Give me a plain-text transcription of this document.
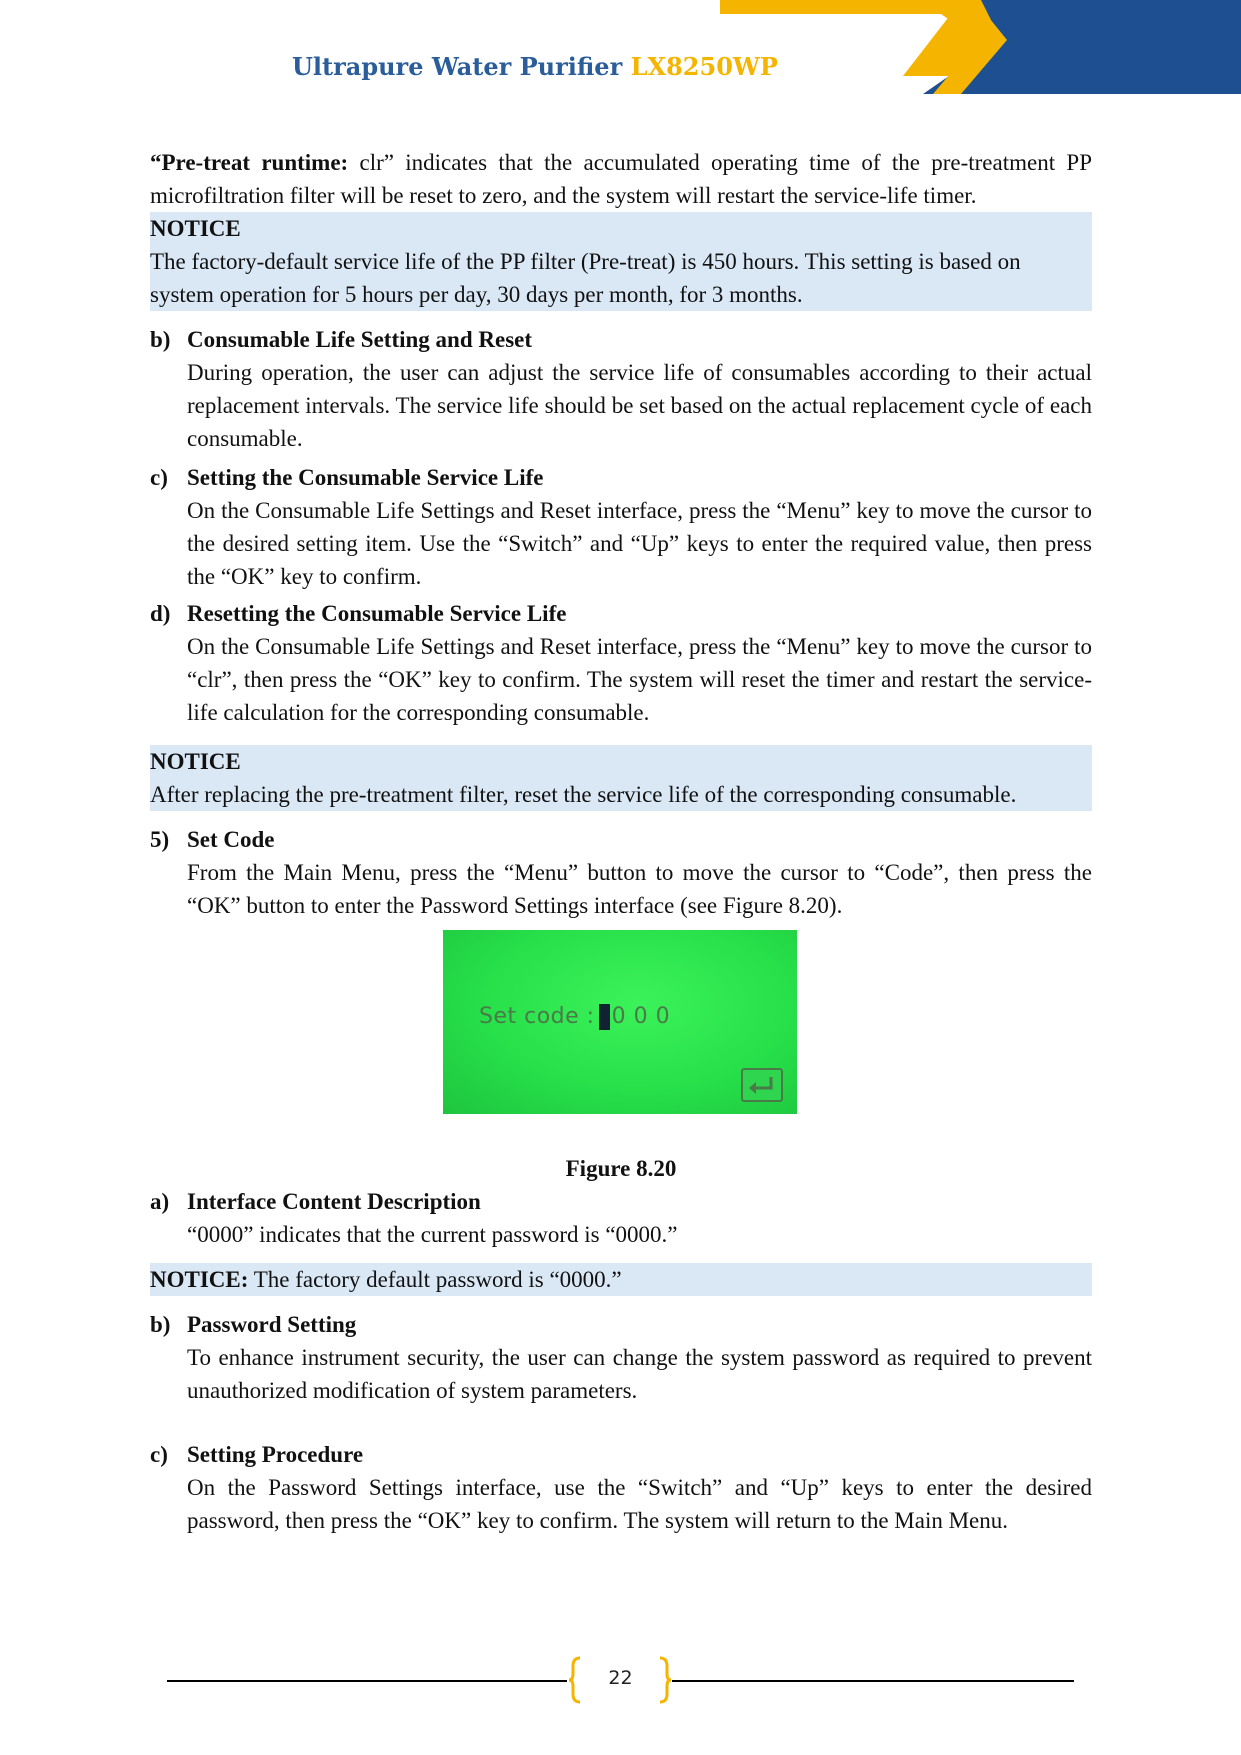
Ultrapure Water Purifier LX8250WP

“Pre-treat runtime: clr” indicates that the accumulated operating time of the pre-treatment PP microfiltration filter will be reset to zero, and the system will restart the service-life timer.

NOTICE
The factory-default service life of the PP filter (Pre-treat) is 450 hours. This setting is based on
system operation for 5 hours per day, 30 days per month, for 3 months.
b) Consumable Life Setting and Reset
During operation, the user can adjust the service life of consumables according to their actual replacement intervals. The service life should be set based on the actual replacement cycle of each consumable.
c) Setting the Consumable Service Life
On the Consumable Life Settings and Reset interface, press the “Menu” key to move the cursor to the desired setting item. Use the “Switch” and “Up” keys to enter the required value, then press the “OK” key to confirm.
d) Resetting the Consumable Service Life
On the Consumable Life Settings and Reset interface, press the “Menu” key to move the cursor to “clr”, then press the “OK” key to confirm. The system will reset the timer and restart the service-life calculation for the corresponding consumable.
NOTICE
After replacing the pre-treatment filter, reset the service life of the corresponding consumable.
5) Set Code
From the Main Menu, press the “Menu” button to move the cursor to “Code”, then press the “OK” button to enter the Password Settings interface (see Figure 8.20).
Set code : 0 0 0
Figure 8.20
a) Interface Content Description
“0000” indicates that the current password is “0000.”
NOTICE: The factory default password is “0000.”
b) Password Setting
To enhance instrument security, the user can change the system password as required to prevent unauthorized modification of system parameters.
c) Setting Procedure
On the Password Settings interface, use the “Switch” and “Up” keys to enter the desired password, then press the “OK” key to confirm. The system will return to the Main Menu.
22
